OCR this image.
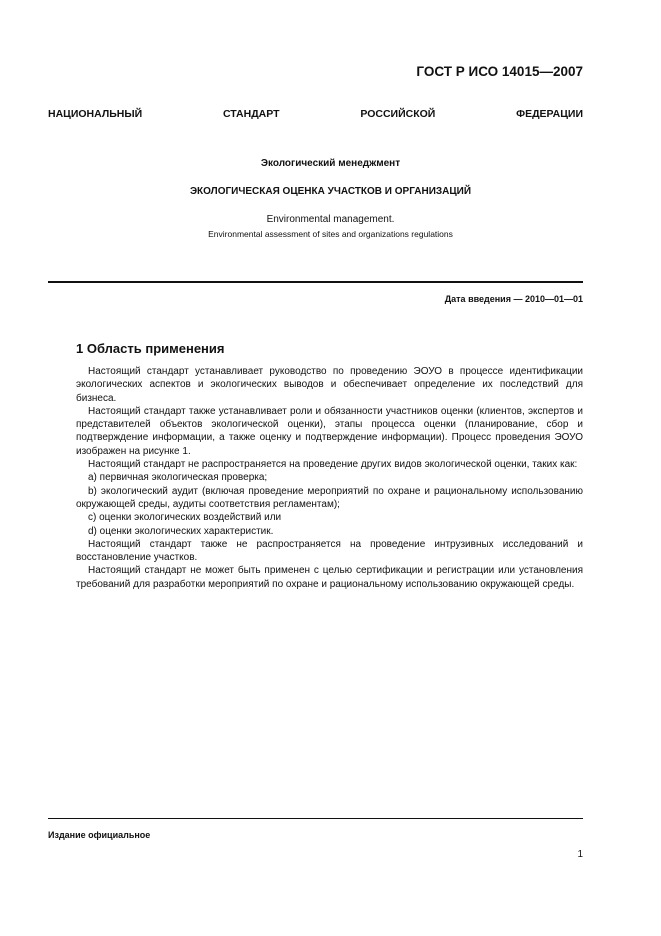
ГОСТ Р ИСО 14015—2007
НАЦИОНАЛЬНЫЙ	СТАНДАРТ	РОССИЙСКОЙ	ФЕДЕРАЦИИ
Экологический менеджмент
ЭКОЛОГИЧЕСКАЯ ОЦЕНКА УЧАСТКОВ И ОРГАНИЗАЦИЙ
Environmental management.
Environmental assessment of sites and organizations regulations
Дата введения — 2010—01—01
1 Область применения

Настоящий стандарт устанавливает руководство по проведению ЭОУО в процессе идентификации экологических аспектов и экологических выводов и обеспечивает определение их последствий для бизнеса.

Настоящий стандарт также устанавливает роли и обязанности участников оценки (клиентов, экспертов и представителей объектов экологической оценки), этапы процесса оценки (планирование, сбор и подтверждение информации, а также оценку и подтверждение информации). Процесс проведения ЭОУО изображен на рисунке 1.

Настоящий стандарт не распространяется на проведение других видов экологической оценки, таких как:

а) первичная экологическая проверка;

b) экологический аудит (включая проведение мероприятий по охране и рациональному использованию окружающей среды, аудиты соответствия регламентам);

с) оценки экологических воздействий или

d) оценки экологических характеристик.

Настоящий стандарт также не распространяется на проведение интрузивных исследований и восстановление участков.

Настоящий стандарт не может быть применен с целью сертификации и регистрации или установления требований для разработки мероприятий по охране и рациональному использованию окружающей среды.

Издание официальное
1
